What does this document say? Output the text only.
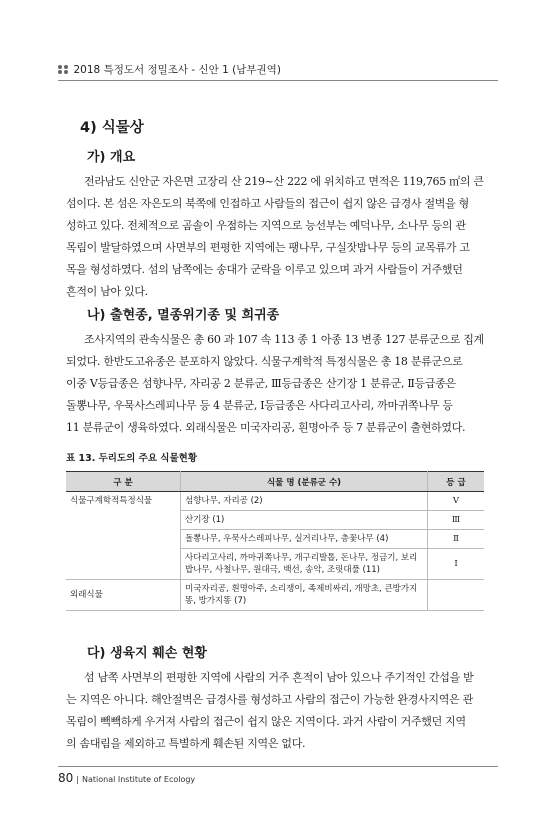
2018 특정도서 정밀조사 - 신안 1 (남부권역)
4) 식물상
가) 개요

전라남도 신안군 자은면 고장리 산 219~산 222 에 위치하고 면적은 119,765 ㎡의 큰

섬이다. 본 섬은 자은도의 북쪽에 인접하고 사람들의 접근이 쉽지 않은 급경사 절벽을 형

성하고 있다. 전체적으로 곰솔이 우점하는 지역으로 능선부는 예덕나무, 소나무 등의 관

목림이 발달하였으며 사면부의 편평한 지역에는 팽나무, 구실잣밤나무 등의 교목류가 고

목을 형성하였다. 섬의 남쪽에는 송대가 군락을 이루고 있으며 과거 사람들이 거주했던

흔적이 남아 있다.

나) 출현종, 멸종위기종 및 희귀종

조사지역의 관속식물은 총 60 과 107 속 113 종 1 아종 13 변종 127 분류군으로 집계

되었다. 한반도고유종은 분포하지 않았다. 식물구계학적 특정식물은 총 18 분류군으로

이중 V등급종은 섬향나무, 자리공 2 분류군, Ⅲ등급종은 산기장 1 분류군, Ⅱ등급종은

돌뽕나무, 우묵사스레피나무 등 4 분류군, Ⅰ등급종은 사다리고사리, 까마귀쪽나무 등

11 분류군이 생육하였다. 외래식물은 미국자리공, 흰명아주 등 7 분류군이 출현하였다.

표 13. 두리도의 주요 식물현황
구 분	식물 명 (분류군 수)	등 급
식물구계학적특정식물	섬향나무, 자리공 (2)	Ⅴ
	산기장 (1)	Ⅲ
	돌뽕나무, 우묵사스레피나무, 실거리나무, 층꽃나무 (4)	Ⅱ
	사다리고사리, 까마귀쪽나무, 개구리발톱, 돈나무, 정금기, 보리밥나무, 사철나무, 원대극, 백선, 송악, 조릿대풀 (11)	Ⅰ
외래식물	미국자리공, 흰명아주, 소리쟁이, 족제비싸리, 개망초, 큰방가지똥, 방가지똥 (7)	
다) 생육지 훼손 현황

섬 남쪽 사면부의 편평한 지역에 사람의 거주 흔적이 남아 있으나 주기적인 간섭을 받

는 지역은 아니다. 해안절벽은 급경사를 형성하고 사람의 접근이 가능한 완경사지역은 관

목림이 빽빽하게 우거져 사람의 접근이 쉽지 않은 지역이다. 과거 사람이 거주했던 지역

의 솜대림을 제외하고 특별하게 훼손된 지역은 없다.

80 | National Institute of Ecology
